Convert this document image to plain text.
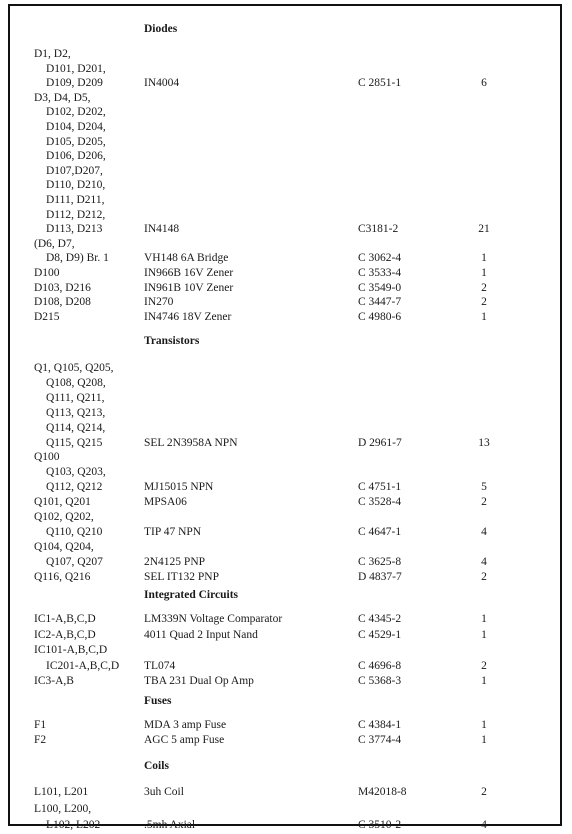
Diodes
D1, D2,
D101, D201,
D109, D209	IN4004	C 2851-1	6
D3, D4, D5,
D102, D202,
D104, D204,
D105, D205,
D106, D206,
D107,D207,
D110, D210,
D111, D211,
D112, D212,
D113, D213	IN4148	C3181-2	21
(D6, D7,
D8, D9) Br. 1	VH148 6A Bridge	C 3062-4	1
D100	IN966B 16V Zener	C 3533-4	1
D103, D216	IN961B 10V Zener	C 3549-0	2
D108, D208	IN270	C 3447-7	2
D215	IN4746 18V Zener	C 4980-6	1
Transistors
Q1, Q105, Q205,
Q108, Q208,
Q111, Q211,
Q113, Q213,
Q114, Q214,
Q115, Q215	SEL 2N3958A NPN	D 2961-7	13
Q100
Q103, Q203,
Q112, Q212	MJ15015 NPN	C 4751-1	5
Q101, Q201	MPSA06	C 3528-4	2
Q102, Q202,
Q110, Q210	TIP 47 NPN	C 4647-1	4
Q104, Q204,
Q107, Q207	2N4125 PNP	C 3625-8	4
Q116, Q216	SEL IT132 PNP	D 4837-7	2
Integrated Circuits
IC1-A,B,C,D	LM339N Voltage Comparator	C 4345-2	1
IC2-A,B,C,D	4011 Quad 2 Input Nand	C 4529-1	1
IC101-A,B,C,D
IC201-A,B,C,D TL074	C 4696-8	2
IC3-A,B	TBA 231 Dual Op Amp	C 5368-3	1
Fuses
F1	MDA 3 amp Fuse	C 4384-1	1
F2	AGC 5 amp Fuse	C 3774-4	1
Coils
L101, L201	3uh Coil	M42018-8	2
L100, L200,
L102, L202	.5mh Axial	C 3510-2	4
